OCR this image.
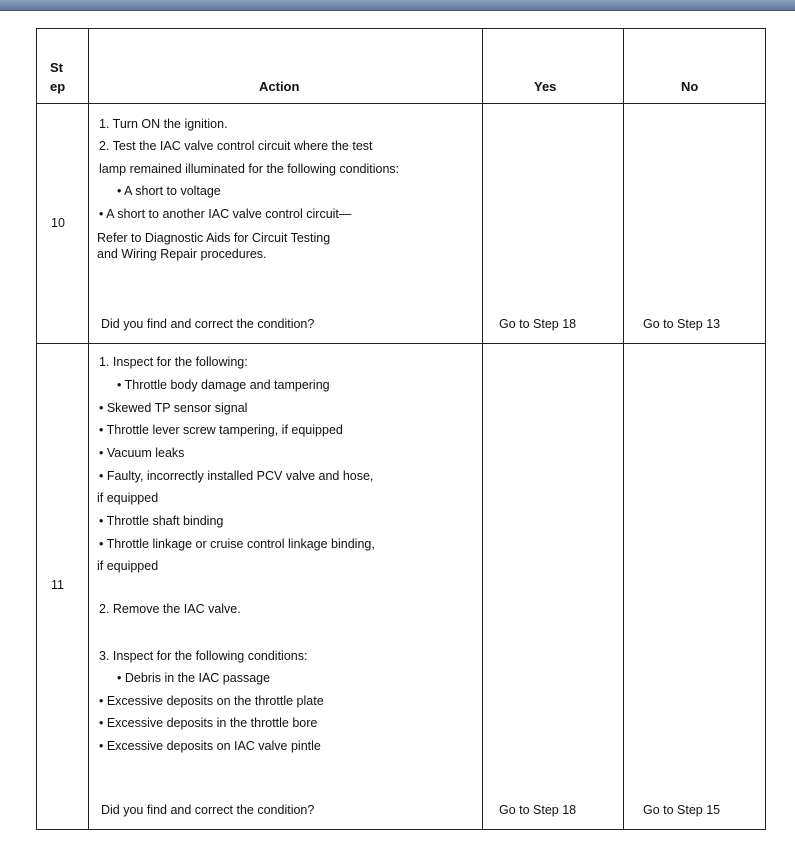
St
ep	Action	Yes	No
10
1. Turn ON the ignition.
2. Test the IAC valve control circuit where the test
lamp remained illuminated for the following conditions:
• A short to voltage
• A short to another IAC valve control circuit—
Refer to Diagnostic Aids for Circuit Testing
and Wiring Repair procedures.
Did you find and correct the condition?	Go to Step 18	Go to Step 13
11
1. Inspect for the following:
• Throttle body damage and tampering
• Skewed TP sensor signal
• Throttle lever screw tampering, if equipped
• Vacuum leaks
• Faulty, incorrectly installed PCV valve and hose,
if equipped
• Throttle shaft binding
• Throttle linkage or cruise control linkage binding,
if equipped
2. Remove the IAC valve.
3. Inspect for the following conditions:
• Debris in the IAC passage
• Excessive deposits on the throttle plate
• Excessive deposits in the throttle bore
• Excessive deposits on IAC valve pintle
Did you find and correct the condition?	Go to Step 18	Go to Step 15
